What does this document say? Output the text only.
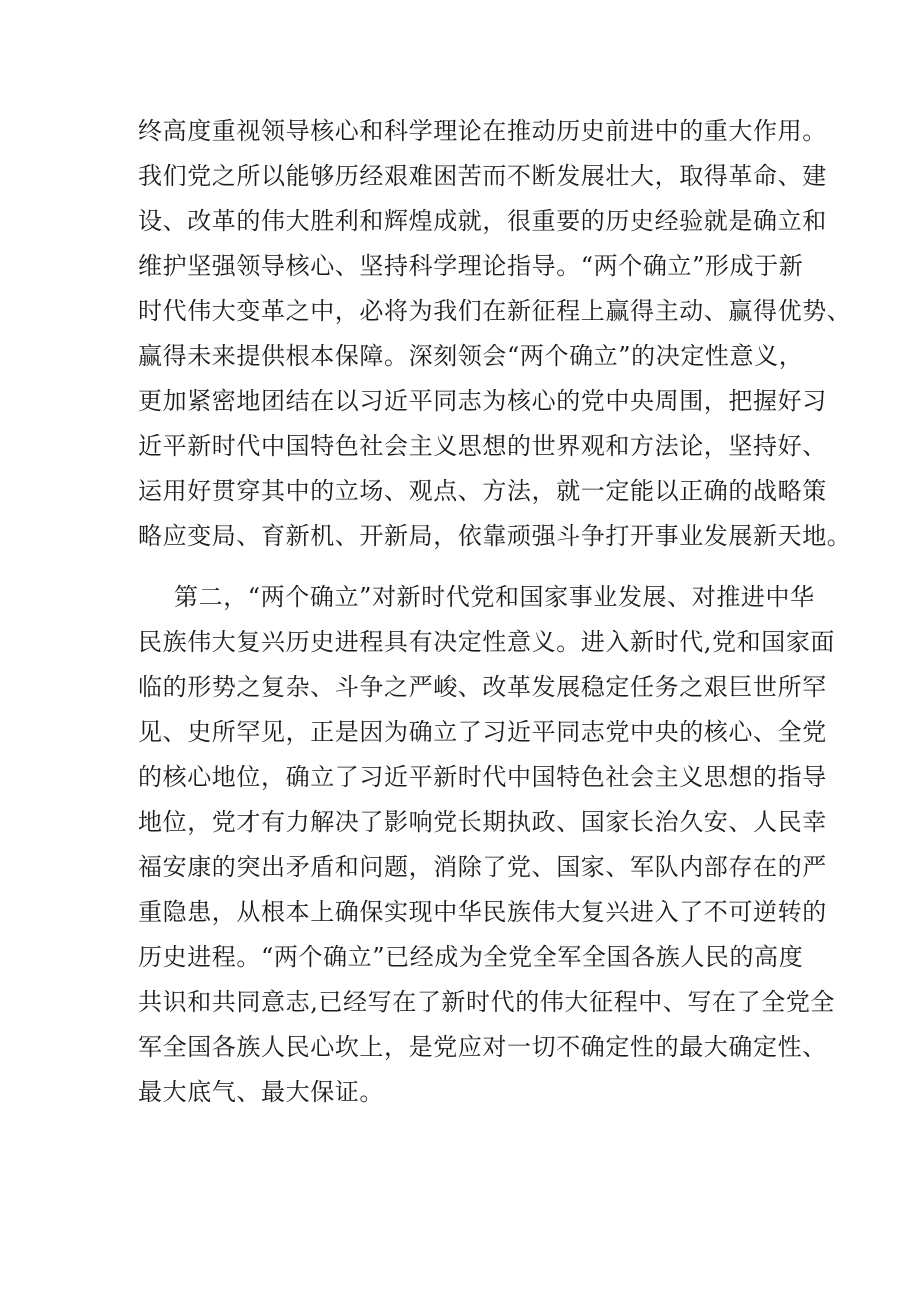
终高度重视领导核心和科学理论在推动历史前进中的重大作用。

我们党之所以能够历经艰难困苦而不断发展壮大，取得革命、建

设、改革的伟大胜利和辉煌成就，很重要的历史经验就是确立和

维护坚强领导核心、坚持科学理论指导。“两个确立”形成于新

时代伟大变革之中，必将为我们在新征程上赢得主动、赢得优势、

赢得未来提供根本保障。深刻领会“两个确立”的决定性意义，

更加紧密地团结在以习近平同志为核心的党中央周围，把握好习

近平新时代中国特色社会主义思想的世界观和方法论，坚持好、

运用好贯穿其中的立场、观点、方法，就一定能以正确的战略策

略应变局、育新机、开新局，依靠顽强斗争打开事业发展新天地。

第二，“两个确立”对新时代党和国家事业发展、对推进中华

民族伟大复兴历史进程具有决定性意义。进入新时代,党和国家面

临的形势之复杂、斗争之严峻、改革发展稳定任务之艰巨世所罕

见、史所罕见，正是因为确立了习近平同志党中央的核心、全党

的核心地位，确立了习近平新时代中国特色社会主义思想的指导

地位，党才有力解决了影响党长期执政、国家长治久安、人民幸

福安康的突出矛盾和问题，消除了党、国家、军队内部存在的严

重隐患，从根本上确保实现中华民族伟大复兴进入了不可逆转的

历史进程。“两个确立”已经成为全党全军全国各族人民的高度

共识和共同意志,已经写在了新时代的伟大征程中、写在了全党全

军全国各族人民心坎上，是党应对一切不确定性的最大确定性、

最大底气、最大保证。
